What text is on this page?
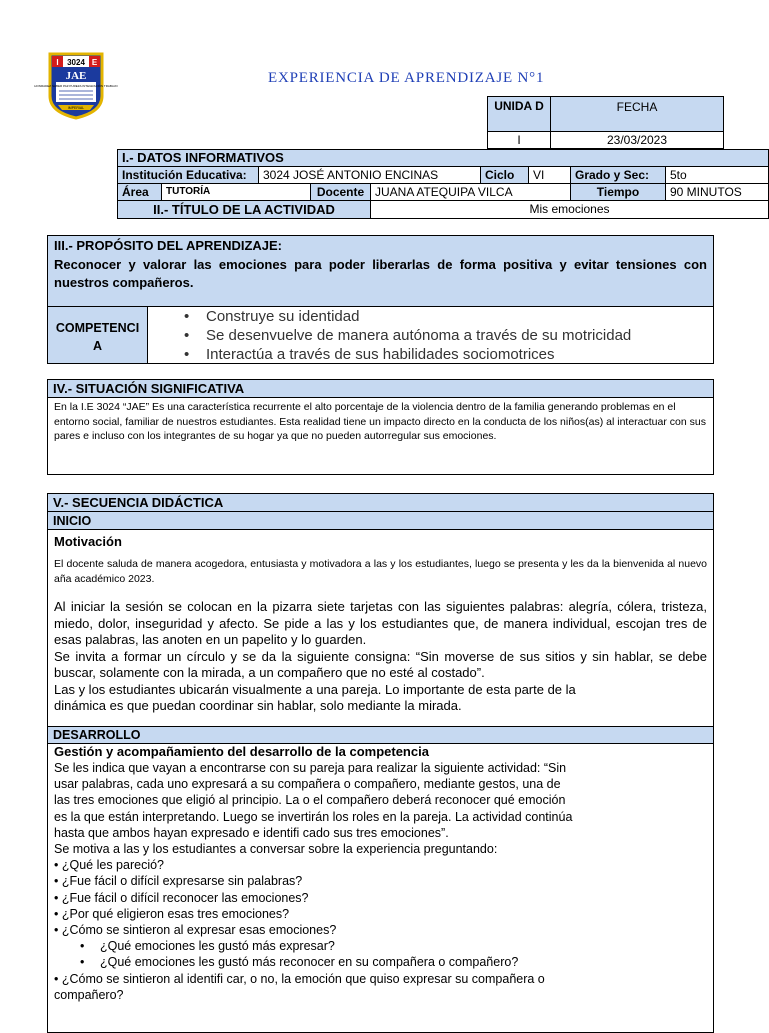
I 3024 E
JAE
HONRADEZ SABER PAZ PUREZA INTEGRACIÓN TRABAJO
IMPERIAL
EXPERIENCIA DE APRENDIZAJE N°1
UNIDA D	FECHA
I	23/03/2023
I.- DATOS INFORMATIVOS
Institución Educativa:	3024 JOSÉ ANTONIO ENCINAS	Ciclo	VI	Grado y Sec:	5to
Área	TUTORÍA	Docente JUANA ATEQUIPA VILCA	Tiempo	90 MINUTOS
II.- TÍTULO DE LA ACTIVIDAD	Mis emociones
III.- PROPÓSITO DEL APRENDIZAJE:
Reconocer y valorar las emociones para poder liberarlas de forma positiva y evitar tensiones con nuestros compañeros.
COMPETENCI A
• Construye su identidad
• Se desenvuelve de manera autónoma a través de su motricidad
• Interactúa a través de sus habilidades sociomotrices
IV.- SITUACIÓN SIGNIFICATIVA
En la I.E 3024 “JAE” Es una característica recurrente el alto porcentaje de la violencia dentro de la familia generando problemas en el entorno social, familiar de nuestros estudiantes. Esta realidad tiene un impacto directo en la conducta de los niños(as) al interactuar con sus pares e incluso con los integrantes de su hogar ya que no pueden autorregular sus emociones.
V.- SECUENCIA DIDÁCTICA
INICIO
Motivación
El docente saluda de manera acogedora, entusiasta y motivadora a las y los estudiantes, luego se presenta y les da la bienvenida al nuevo aña académico 2023.
Al iniciar la sesión se colocan en la pizarra siete tarjetas con las siguientes palabras: alegría, cólera, tristeza, miedo, dolor, inseguridad y afecto. Se pide a las y los estudiantes que, de manera individual, escojan tres de esas palabras, las anoten en un papelito y lo guarden.
Se invita a formar un círculo y se da la siguiente consigna: “Sin moverse de sus sitios y sin hablar, se debe buscar, solamente con la mirada, a un compañero que no esté al costado”.
Las y los estudiantes ubicarán visualmente a una pareja. Lo importante de esta parte de la
dinámica es que puedan coordinar sin hablar, solo mediante la mirada.
DESARROLLO
Gestión y acompañamiento del desarrollo de la competencia
Se les indica que vayan a encontrarse con su pareja para realizar la siguiente actividad: “Sin
usar palabras, cada uno expresará a su compañera o compañero, mediante gestos, una de
las tres emociones que eligió al principio. La o el compañero deberá reconocer qué emoción
es la que están interpretando. Luego se invertirán los roles en la pareja. La actividad continúa
hasta que ambos hayan expresado e identifi cado sus tres emociones”.
Se motiva a las y los estudiantes a conversar sobre la experiencia preguntando:
• ¿Qué les pareció?
• ¿Fue fácil o difícil expresarse sin palabras?
• ¿Fue fácil o difícil reconocer las emociones?
• ¿Por qué eligieron esas tres emociones?
• ¿Cómo se sintieron al expresar esas emociones?
• ¿Qué emociones les gustó más expresar?
• ¿Qué emociones les gustó más reconocer en su compañera o compañero?
• ¿Cómo se sintieron al identifi car, o no, la emoción que quiso expresar su compañera o
compañero?
